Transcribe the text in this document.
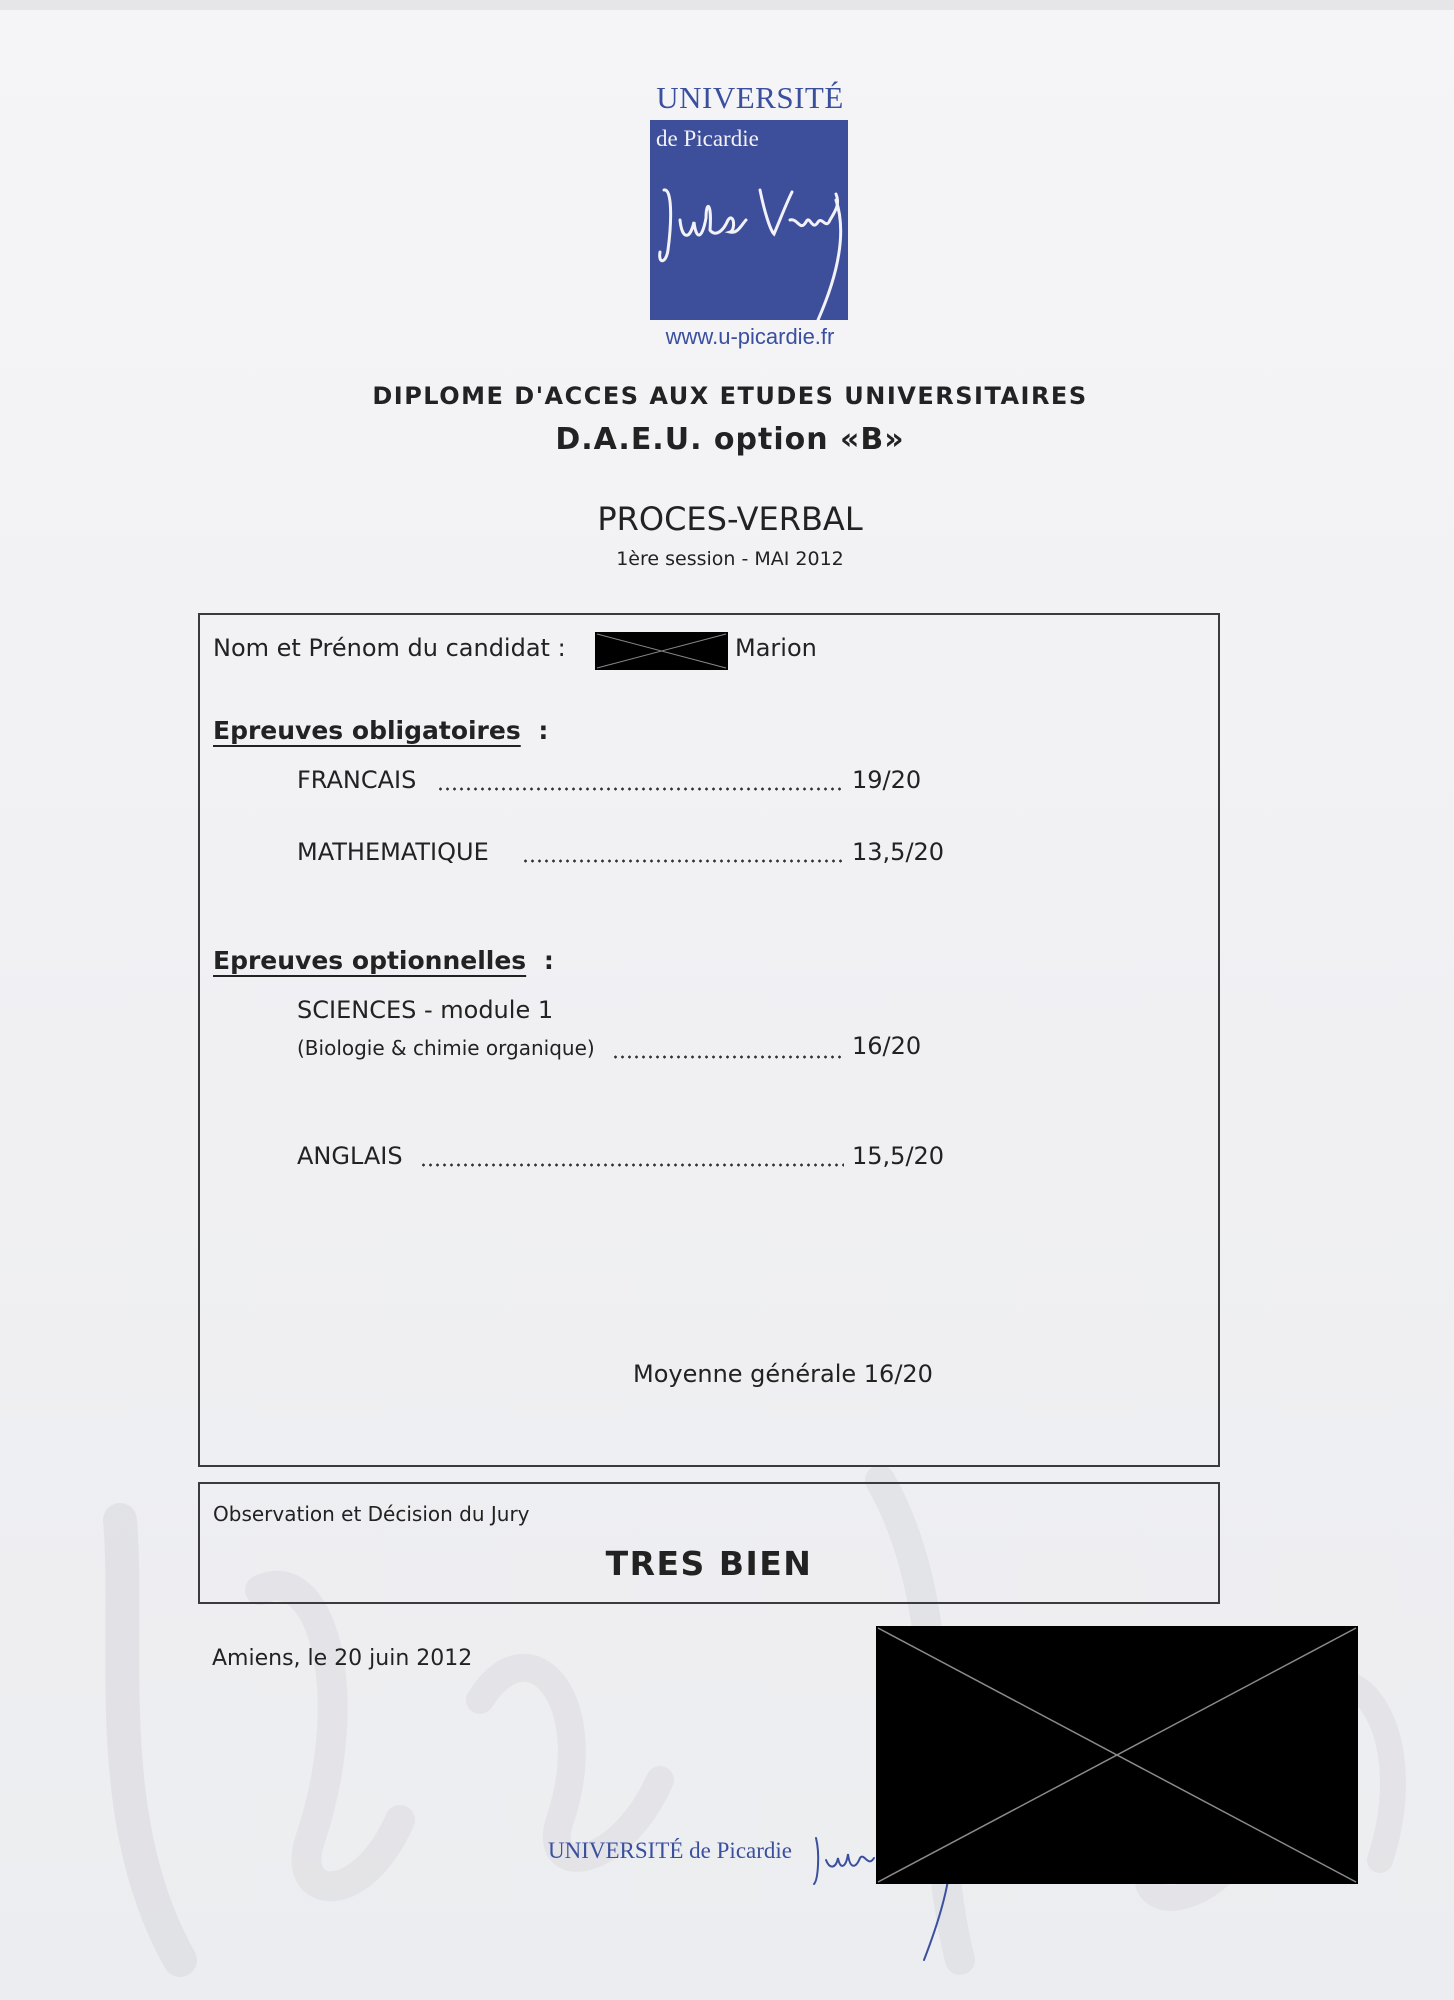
UNIVERSITÉ
de Picardie
www.u-picardie.fr
DIPLOME D'ACCES AUX ETUDES UNIVERSITAIRES
D.A.E.U. option «B»
PROCES-VERBAL
1ère session - MAI 2012
Nom et Prénom du candidat :	Marion
Epreuves obligatoires :
FRANCAIS	19/20
MATHEMATIQUE	13,5/20
Epreuves optionnelles :
SCIENCES - module 1
(Biologie & chimie organique)	16/20
ANGLAIS	15,5/20
Moyenne générale 16/20
Observation et Décision du Jury
TRES BIEN
Amiens, le 20 juin 2012
UNIVERSITÉ de Picardie
